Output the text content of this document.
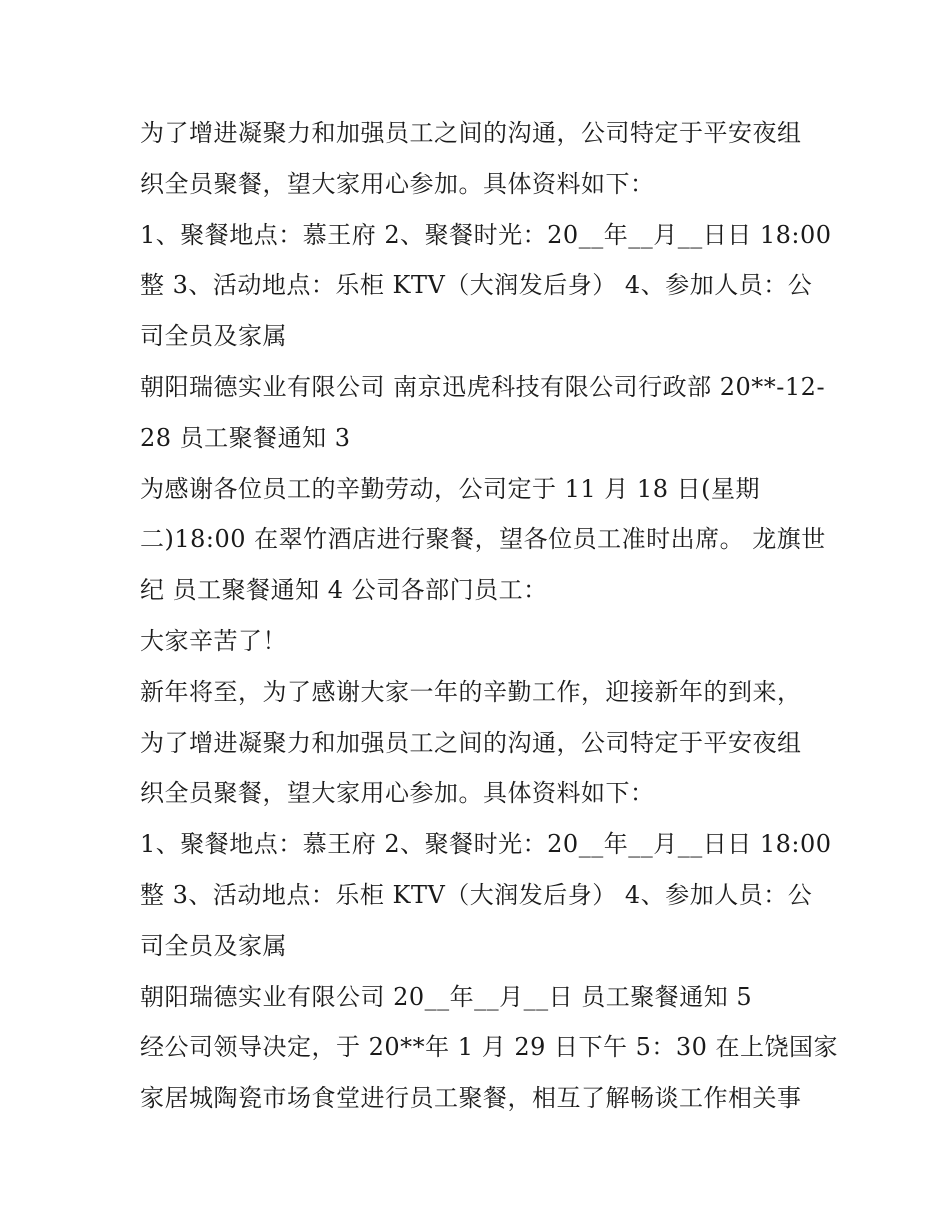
为了增进凝聚力和加强员工之间的沟通，公司特定于平安夜组
织全员聚餐，望大家用心参加。具体资料如下：
1、聚餐地点：慕王府 2、聚餐时光：20__年__月__日日 18:00
整 3、活动地点：乐柜 KTV（大润发后身） 4、参加人员：公
司全员及家属
朝阳瑞德实业有限公司 南京迅虎科技有限公司行政部 20**-12-
28 员工聚餐通知 3
为感谢各位员工的辛勤劳动，公司定于 11 月 18 日(星期
二)18:00 在翠竹酒店进行聚餐，望各位员工准时出席。 龙旗世
纪 员工聚餐通知 4 公司各部门员工：
大家辛苦了！
新年将至，为了感谢大家一年的辛勤工作，迎接新年的到来，
为了增进凝聚力和加强员工之间的沟通，公司特定于平安夜组
织全员聚餐，望大家用心参加。具体资料如下：
1、聚餐地点：慕王府 2、聚餐时光：20__年__月__日日 18:00
整 3、活动地点：乐柜 KTV（大润发后身） 4、参加人员：公
司全员及家属
朝阳瑞德实业有限公司 20__年__月__日 员工聚餐通知 5
经公司领导决定，于 20**年 1 月 29 日下午 5：30 在上饶国家
家居城陶瓷市场食堂进行员工聚餐，相互了解畅谈工作相关事
